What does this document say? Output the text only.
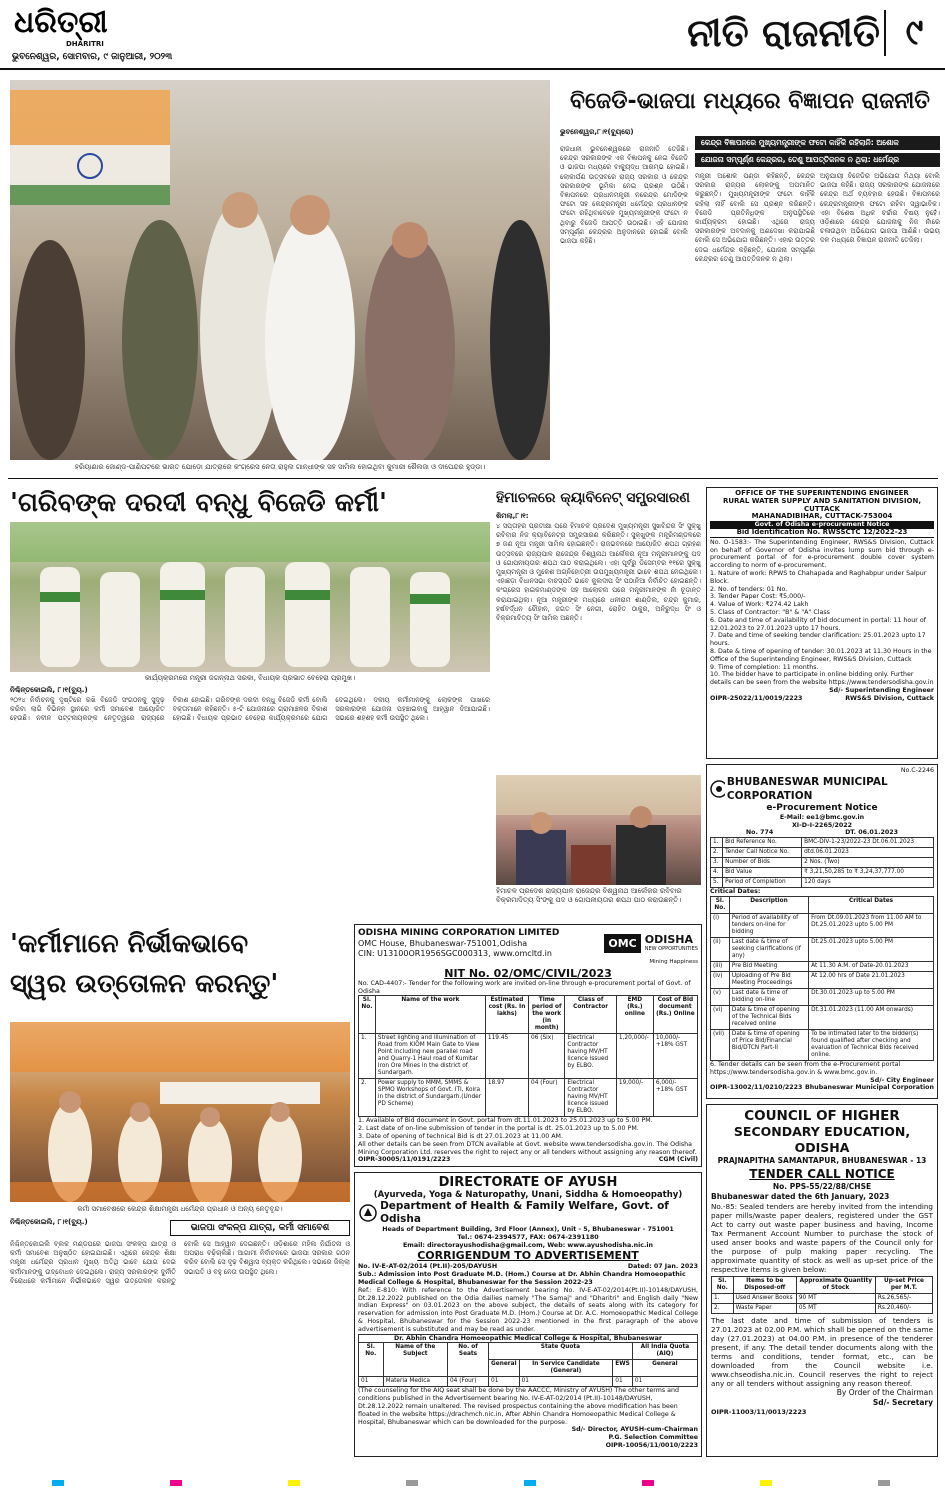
ଧରିତ୍ରୀ
DHARITRI
ଭୁବନେଶ୍ୱର, ସୋମବାର, ୯ ଜାନୁଆରୀ, ୨୦୨୩
ନୀତି ରାଜନୀତି ୯
ହରିୟାଣାର ଜୋଣ୍ଡ-ପାଣିପଟରେ ଭାରତ ଯୋଡ଼ୋ ଯାତ୍ରାରେ କଂଗ୍ରେସ ନେତା ରାହୁଲ ଗାନ୍ଧୀଙ୍କ ସହ ସାମିଲ ହୋଇଥିବା କୁମାରୀ ଶୈଲଜା ଓ ଦୀପେନ୍ଦର ହୁଡ୍ଡା।
ବିଜେଡି-ଭାଜପା ମଧ୍ୟରେ ବିଜ୍ଞାପନ ରାଜନୀତି
ଭୁବନେଶ୍ୱର,୮।୧(ବ୍ୟୁରୋ)
କେନ୍ଦ୍ର ବିଜ୍ଞାପନରେ ମୁଖ୍ୟମନ୍ତ୍ରୀଙ୍କ ଫଟୋ କାହିଁକି ରହିଲାନି: ଅଶୋକ
ଯୋଜନା ସମ୍ପୂର୍ଣ୍ଣ କେନ୍ଦ୍ରର, ତେଣୁ ଆପତ୍ତିଜନକ ନ ଥିଲା: ଧର୍ମେନ୍ଦ୍ର
ରାଜଧାନୀ ଭୁବନେଶ୍ୱରରେ ରାଜନୀତି ତେଜିଛି। କେନ୍ଦ୍ର ସରକାରଙ୍କ ଏକ ବିଜ୍ଞାପନକୁ ନେଇ ବିଜେଡି ଓ ଭାଜପା ମଧ୍ୟରେ ବାକ୍ୟୁଦ୍ଧ ଆରମ୍ଭ ହୋଇଛି। ଲୋକାର୍ପଣ ଉତ୍ସବରେ ରାଜ୍ୟ ସରକାର ଓ କେନ୍ଦ୍ର ସରକାରଙ୍କ ଭୂମିକା ନେଇ ପ୍ରଶ୍ନ ଉଠିଛି। ବିଜ୍ଞାପନରେ ପ୍ରଧାନମନ୍ତ୍ରୀ ନରେନ୍ଦ୍ର ମୋଦିଙ୍କ ଫଟୋ ସହ କେନ୍ଦ୍ରମନ୍ତ୍ରୀ ଧର୍ମେନ୍ଦ୍ର ପ୍ରଧାନଙ୍କ ଫଟୋ ରହିଥିବାବେଳେ ମୁଖ୍ୟମନ୍ତ୍ରୀଙ୍କ ଫଟୋ ନ ଥିବାରୁ ବିଜେଡି ଆପତ୍ତି ଉଠାଇଛି। ଏହି ଯୋଜନା ସମ୍ପୂର୍ଣ୍ଣ କେନ୍ଦ୍ରର ଅନୁଦାନରେ ହୋଇଛି ବୋଲି ଭାଜପା କହିଛି।
ମନ୍ତ୍ରୀ ଅଶୋକ ପଣ୍ଡା କହିଛନ୍ତି, କେନ୍ଦ୍ର ସରକାର ରାଜ୍ୟର ଲୋକଙ୍କୁ ଅପମାନିତ କରୁଛନ୍ତି। ମୁଖ୍ୟମନ୍ତ୍ରୀଙ୍କ ଫଟୋ କାହିଁକି ରହିଲା ନାହିଁ ବୋଲି ସେ ପ୍ରଶ୍ନ କରିଛନ୍ତି। ବିଜେଡି ପ୍ରତିନିଧିଙ୍କ ଅନୁପସ୍ଥିତିରେ କାର୍ଯ୍ୟକ୍ରମ ହୋଇଛି। ଏଥିରେ ରାଜ୍ୟ ସରକାରଙ୍କ ଅବଦାନକୁ ଅଣଦେଖା କରାଯାଇଛି ବୋଲି ସେ ଅଭିଯୋଗ କରିଛନ୍ତି। ଏହାର ଉତ୍ତର ଦେଇ ଧର୍ମେନ୍ଦ୍ର କହିଛନ୍ତି, ଯୋଜନା ସମ୍ପୂର୍ଣ୍ଣ କେନ୍ଦ୍ରର ତେଣୁ ଆପତ୍ତିଜନକ ନ ଥିଲା।
ଅନୁଯାୟୀ ବିଜେଡିର ଅଭିଯୋଗ ମିଥ୍ୟା ବୋଲି ଭାଜପା କହିଛି। ରାଜ୍ୟ ସରକାରଙ୍କ ଯୋଜନାରେ କେନ୍ଦ୍ର ଅର୍ଥ ବ୍ୟବହାର ହେଉଛି। ବିଜ୍ଞାପନରେ କେନ୍ଦ୍ରମନ୍ତ୍ରୀଙ୍କ ଫଟୋ ରହିବା ସ୍ୱାଭାବିକ। ଏହା ବିଶେଷ ଅଧିକ ଚର୍ଚ୍ଚାର ବିଷୟ ନୁହେଁ। ଓଡ଼ିଶାରେ କେନ୍ଦ୍ର ଯୋଜନାକୁ ନିଜ ନାଁରେ ଚଳାଉଥିବା ଅଭିଯୋଗ ଭାଜପା ଆଣିଛି। ଉଭୟ ଦଳ ମଧ୍ୟରେ ବିଜ୍ଞାପନ ରାଜନୀତି ତେଜିଲା।
'ଗରିବଙ୍କ ଦରଦୀ ବନ୍ଧୁ ବିଜେଡି କର୍ମୀ'
କାର୍ଯ୍ୟକ୍ରମରେ ମନ୍ତ୍ରୀ ଜଗନ୍ନାଥ ସରକା, ବିଧାୟକ ପ୍ରଭାତ ବେହେରା ପ୍ରମୁଖ।
ନିଶ୍ଚିନ୍ତକୋଇଲି, ୮।୧(ବ୍ୟୁ.)
୨୦୨୪ ନିର୍ବାଚନକୁ ଦୃଷ୍ଟିରେ ରଖି ବିଜେଡି ସଂଗଠନକୁ ସୁଦୃଢ଼ କରିବା ଲାଗି ବିଭିନ୍ନ ସ୍ଥାନରେ କର୍ମୀ ସମାବେଶ ଆୟୋଜିତ ହେଉଛି। ନବୀନ ପଟ୍ଟନାୟକଙ୍କ ନେତୃତ୍ୱରେ ରାଜ୍ୟରେ ବିକାଶ ହୋଇଛି। ଗରିବଙ୍କ ଦରଦୀ ବନ୍ଧୁ ବିଜେଡି କର୍ମୀ ବୋଲି ବକ୍ତାମାନେ କହିଛନ୍ତି। ୫-ଟି ଯୋଜନାରେ ଗ୍ରାମାଞ୍ଚଳର ବିକାଶ ହୋଇଛି। ବିଧାୟକ ପ୍ରଭାତ ବେହେରା କାର୍ଯ୍ୟକ୍ରମରେ ଯୋଗ ଦେଇଥିଲେ। ଦଳୀୟ କର୍ମୀମାନଙ୍କୁ ଲୋକଙ୍କ ପାଖରେ ସରକାରଙ୍କ ଯୋଜନା ପହଞ୍ଚାଇବାକୁ ଆହ୍ୱାନ ଦିଆଯାଇଛି। ସଭାରେ ଶହଶହ କର୍ମୀ ଉପସ୍ଥିତ ଥିଲେ।
ହିମାଚଳରେ କ୍ୟାବିନେଟ୍ ସମ୍ପ୍ରସାରଣ
ଶିମଲା,୮।୧:
୪ ସପ୍ତାହର ପ୍ରତୀକ୍ଷା ପରେ ହିମାଚଳ ପ୍ରଦେଶ ମୁଖ୍ୟମନ୍ତ୍ରୀ ସୁଖବିନ୍ଦର ସିଂ ସୁକ୍ଖୁ ରବିବାର ନିଜ କ୍ୟାବିନେଟ୍‌ର ସମ୍ପ୍ରସାରଣ କରିଛନ୍ତି। ସୁକ୍ଖୁଙ୍କ ମନ୍ତ୍ରିମଣ୍ଡଳରେ ୭ ଜଣ ନୂଆ ମନ୍ତ୍ରୀ ସାମିଲ ହୋଇଛନ୍ତି। ରାଜଭବନରେ ଆୟୋଜିତ ଶପଥ ଗ୍ରହଣ ଉତ୍ସବରେ ରାଜ୍ୟପାଳ ରାଜେନ୍ଦ୍ର ବିଶ୍ୱନାଥ ଆର୍ଲେକର ନୂଆ ମନ୍ତ୍ରୀମାନଙ୍କୁ ପଦ ଓ ଗୋପନୀୟତାର ଶପଥ ପାଠ କରାଇଥିଲେ। ଏହା ପୂର୍ବରୁ ଡିସେମ୍ବର ୧୧ରେ ସୁକ୍ଖୁ ମୁଖ୍ୟମନ୍ତ୍ରୀ ଓ ମୁକେଶ ଅଗ୍ନିହୋତ୍ରୀ ଉପମୁଖ୍ୟମନ୍ତ୍ରୀ ଭାବେ ଶପଥ ନେଇଥିଲେ। ଏହାଛଡ଼ା ବିଧାନସଭା ବାଚସ୍ପତି ଭାବେ କୁଲଦୀପ ସିଂ ପଠାନିଆ ନିର୍ବାଚିତ ହୋଇଛନ୍ତି। କଂଗ୍ରେସ ହାଇକମାଣ୍ଡଙ୍କ ସହ ଆଲୋଚନା ପରେ ମନ୍ତ୍ରୀମାନଙ୍କ ନାଁ ଚୂଡ଼ାନ୍ତ କରାଯାଇଥିଲା। ନୂଆ ମନ୍ତ୍ରୀଙ୍କ ମଧ୍ୟରେ ଧନୀରାମ ଶାଣ୍ଡିଲ, ଚନ୍ଦ୍ର କୁମାର, ହର୍ଷବର୍ଦ୍ଧନ ଚୌହାନ, ଜଗତ ସିଂ ନେଗୀ, ରୋହିତ ଠାକୁର, ଅନିରୁଦ୍ଧ ସିଂ ଓ ବିକ୍ରମାଦିତ୍ୟ ସିଂ ସାମିଲ ଅଛନ୍ତି।
ହିମାଚଳ ପ୍ରଦେଶ ରାଜ୍ୟପାଳ ରାଜେନ୍ଦ୍ର ବିଶ୍ୱନାଥ ଆର୍ଲେକର ରବିବାର ବିକ୍ରମାଦିତ୍ୟ ସିଂଙ୍କୁ ପଦ ଓ ଗୋପନୀୟତାର ଶପଥ ପାଠ କରାଉଛନ୍ତି।
OFFICE OF THE SUPERINTENDING ENGINEER
RURAL WATER SUPPLY AND SANITATION DIVISION, CUTTACK
MAHANADIBIHAR, CUTTACK-753004
Govt. of Odisha e-procurement Notice
Bid Identification No. RWSSCTC 12/2022-23
No. O-1583:- The Superintending Engineer, RWS&S Division, Cuttack on behalf of Governor of Odisha invites lump sum bid through e-procurement portal of for e-procurement double cover system according to norm of e-procurement.
1. Nature of work: RPWS to Chahapada and Raghabpur under Salpur Block.
2. No. of tenders: 01 No.
3. Tender Paper Cost: ₹5,000/-
4. Value of Work: ₹274.42 Lakh
5. Class of Contractor: "B" & "A" Class
6. Date and time of availability of bid document in portal: 11 hour of 12.01.2023 to 27.01.2023 upto 17 hours.
7. Date and time of seeking tender clarification: 25.01.2023 upto 17 hours.
8. Date & time of opening of tender: 30.01.2023 at 11.30 Hours in the Office of the Superintending Engineer, RWS&S Division, Cuttack
9. Time of completion: 11 months.
10. The bidder have to participate in online bidding only. Further details can be seen from the website https://www.tendersodisha.gov.in
Sd/- Superintending Engineer
OIPR-25022/11/0019/2223	RWS&S Division, Cuttack
No.C-2246
BHUBANESWAR MUNICIPAL CORPORATION
e-Procurement Notice
E-Mail: ee1@bmc.gov.in
XI-D-I-2265/2022
No. 774	DT. 06.01.2023
1.	Bid Reference No.	BMC-DIV-1-23/2022-23 Dt.06.01.2023
2.	Tender Call Notice No.	dtd.06.01.2023
3.	Number of Bids	2 Nos. (Two)
4.	Bid Value	₹ 3,21,50,285 to ₹ 3,24,37,777.00
5.	Period of Completion	120 days
Critical Dates:
Sl. No.	Description	Critical Dates
(i)	Period of availability of tenders on-line for bidding	From Dt.09.01.2023 from 11.00 AM to Dt.25.01.2023 upto 5.00 PM
(ii)	Last date & time of seeking clarifications (if any)	Dt.25.01.2023 upto 5.00 PM
(iii)	Pre Bid Meeting	At 11.30 A.M. of Date-20.01.2023
(iv)	Uploading of Pre Bid Meeting Proceedings	At 12.00 hrs of Date 21.01.2023
(v)	Last date & time of bidding on-line	Dt.30.01.2023 up to 5.00 PM
(vi)	Date & time of opening of the Technical Bids received online	Dt.31.01.2023 (11.00 AM onwards)
(vii)	Date & time of opening of Price Bid/Financial Bid/DTCN Part-II	To be intimated later to the bidder(s) found qualified after checking and evaluation of Technical Bids received online.
6. Tender details can be seen from the e-Procurement portal https://www.tendersodisha.gov.in & www.bmc.gov.in.
Sd/- City Engineer
OIPR-13002/11/0210/2223 Bhubaneswar Municipal Corporation
'କର୍ମୀମାନେ ନିର୍ଭୀକଭାବେ
ସ୍ୱର ଉତ୍ତୋଳନ କରନ୍ତୁ'
କର୍ମୀ ସମାବେଶରେ କେନ୍ଦ୍ର ଶିକ୍ଷାମନ୍ତ୍ରୀ ଧର୍ମେନ୍ଦ୍ର ପ୍ରଧାନ ଓ ଅନ୍ୟ ନେତୃବୃନ୍ଦ।
ନିଶ୍ଚିନ୍ତକୋଇଲି, ୮।୧(ବ୍ୟୁ.)
ଭାଜପା ସଂକଳ୍ପ ଯାତ୍ରା, କର୍ମୀ ସମାବେଶ
ନିଶ୍ଚିନ୍ତକୋଇଲି ବ୍ଲକ ମଣ୍ଡପରେ ଭାଜପା ସଂକଳ୍ପ ଯାତ୍ରା ଓ କର୍ମୀ ସମାବେଶ ଅନୁଷ୍ଠିତ ହୋଇଯାଇଛି। ଏଥିରେ କେନ୍ଦ୍ର ଶିକ୍ଷା ମନ୍ତ୍ରୀ ଧର୍ମେନ୍ଦ୍ର ପ୍ରଧାନ ମୁଖ୍ୟ ଅତିଥି ଭାବେ ଯୋଗ ଦେଇ କର୍ମୀମାନଙ୍କୁ ଉଦ୍‌ବୋଧନ ଦେଇଥିଲେ। ରାଜ୍ୟ ସରକାରଙ୍କ ଦୁର୍ନୀତି ବିରୋଧରେ କର୍ମୀମାନେ ନିର୍ଭୀକଭାବେ ସ୍ୱର ଉତ୍ତୋଳନ କରନ୍ତୁ ବୋଲି ସେ ଆହ୍ୱାନ ଦେଇଛନ୍ତି। ଓଡ଼ିଶାରେ ମହିଳା ନିର୍ଯାତନା ଓ ଅପରାଧ ବଢ଼ିଚାଲିଛି। ଆଗାମୀ ନିର୍ବାଚନରେ ଭାଜପା ସରକାର ଗଠନ କରିବ ବୋଲି ସେ ଦୃଢ଼ ବିଶ୍ୱାସ ବ୍ୟକ୍ତ କରିଥିଲେ। ସଭାରେ ଜିଲ୍ଲା ସଭାପତି ଓ ବହୁ ନେତା ଉପସ୍ଥିତ ଥିଲେ।
ODISHA MINING CORPORATION LIMITED
OMC House, Bhubaneswar-751001,Odisha
CIN: U13100OR1956SGC000313, www.omcltd.in
OMC ODISHA
NEW OPPORTUNITIES
Mining Happiness
NIT No. 02/OMC/CIVIL/2023
No. CAD-4407:- Tender for the following work are invited on-line through e-procurement portal of Govt. of Odisha
Sl. No.	Name of the work	Estimated cost (Rs. In lakhs)	Time period of the work (in month)	Class of Contractor	EMD (Rs.) online	Cost of Bid document (Rs.) Online
1.	Street lighting and illumination of Road from KIOM Main Gate to View Point including new parallel road and Quarry-1 Haul road of Kumitar Iron Ore Mines in the district of Sundargarh.	119.45	06 (Six)	Electrical Contractor having MV/HT licence issued by ELBO.	1,20,000/-	10,000/- +18% GST
2.	Power supply to MMM, SMMS & SPMO Workshops of Govt. ITI, Koira in the district of Sundargarh.(Under PD Scheme)	18.97	04 (Four)	Electrical Contractor having MV/HT licence issued by ELBO.	19,000/-	6,000/- +18% GST
1. Available of Bid document in Govt. portal from dt.11.01.2023 to 25.01.2023 up to 5.00 PM.
2. Last date of on-line submission of tender in the portal is dt. 25.01.2023 up to 5.00 PM.
3. Date of opening of technical Bid is dt 27.01.2023 at 11.00 AM.
All other details can be seen from DTCN available at Govt. website www.tendersodisha.gov.in. The Odisha Mining Corporation Ltd. reserves the right to reject any or all tenders without assigning any reason thereof.
OIPR-30005/11/0191/2223	CGM (Civil)
DIRECTORATE OF AYUSH
(Ayurveda, Yoga & Naturopathy, Unani, Siddha & Homoeopathy)
Department of Health & Family Welfare, Govt. of Odisha
Heads of Department Building, 3rd Floor (Annex), Unit - 5, Bhubaneswar - 751001
Tel.: 0674-2394577, FAX: 0674-2391180
Email: directorayushodisha@gmail.com, Web: www.ayushodisha.nic.in
CORRIGENDUM TO ADVERTISEMENT
No. IV-E-AT-02/2014 (Pt.II)-205/DAYUSH	Dated: 07 Jan. 2023
Sub.: Admission into Post Graduate M.D. (Hom.) Course at Dr. Abhin Chandra Homoeopathic Medical College & Hospital, Bhubaneswar for the Session 2022-23
Ref.: E-810: With reference to the Advertisement bearing No. IV-E-AT-02/2014(Pt.II)-10148/DAYUSH, Dt.28.12.2022 published on the Odia dailies namely "The Samaj" and "Dharitri" and English daily "New Indian Express" on 03.01.2023 on the above subject, the details of seats along with its category for reservation for admission into Post Graduate M.D. (Hom.) Course at Dr. A.C. Homoeopathic Medical College & Hospital, Bhubaneswar for the Session 2022-23 mentioned in the first paragraph of the above advertisement is substituted and may be read as under.
Dr. Abhin Chandra Homoeopathic Medical College & Hospital, Bhubaneswar
Sl. No.	Name of the Subject	No. of Seats	State Quota			All India Quota (AIQ)
			General	In Service Candidate (General)	EWS	General
01	Materia Medica	04 (Four)	01	01	01	01
(The counseling for the AIQ seat shall be done by the AACCC, Ministry of AYUSH) The other terms and conditions published in the Advertisement bearing No. IV-E-AT-02/2014 (Pt.II)-10148/DAYUSH, Dt.28.12.2022 remain unaltered. The revised prospectus containing the above modification has been floated in the website https://drachmch.nic.in, After Abhin Chandra Homoeopathic Medical College & Hospital, Bhubaneswar which can be downloaded for the purpose.
Sd/- Director, AYUSH-cum-Chairman
P.G. Selection Committee
OIPR-10056/11/0010/2223
COUNCIL OF HIGHER
SECONDARY EDUCATION, ODISHA
PRAJNAPITHA SAMANTAPUR, BHUBANESWAR - 13
TENDER CALL NOTICE
No. PPS-55/22/88/CHSE
Bhubaneswar dated the 6th January, 2023
No.-85: Sealed tenders are hereby invited from the intending paper mills/waste paper dealers, registered under the GST Act to carry out waste paper business and having, Income Tax Permanent Account Number to purchase the stock of used anser books and waste papers of the Council only for the purpose of pulp making paper recycling. The approximate quantity of stock as well as up-set price of the respective items is given below:
Sl. No.	Items to be Disposed-off	Approximate Quantity of Stock	Up-set Price per M.T.
1.	Used Answer Books	90 MT	Rs.26,565/-
2.	Waste Paper	05 MT	Rs.20,460/-
The last date and time of submission of tenders is 27.01.2023 at 02.00 P.M. which shall be opened on the same day (27.01.2023) at 04.00 P.M. in presence of the tenderer present, if any. The detail tender documents along with the terms and conditions, tender format, etc., can be downloaded from the Council website i.e. www.chseodisha.nic.in. Council reserves the right to reject any or all tenders without assigning any reason thereof.
By Order of the Chairman
Sd/- Secretary
OIPR-11003/11/0013/2223
